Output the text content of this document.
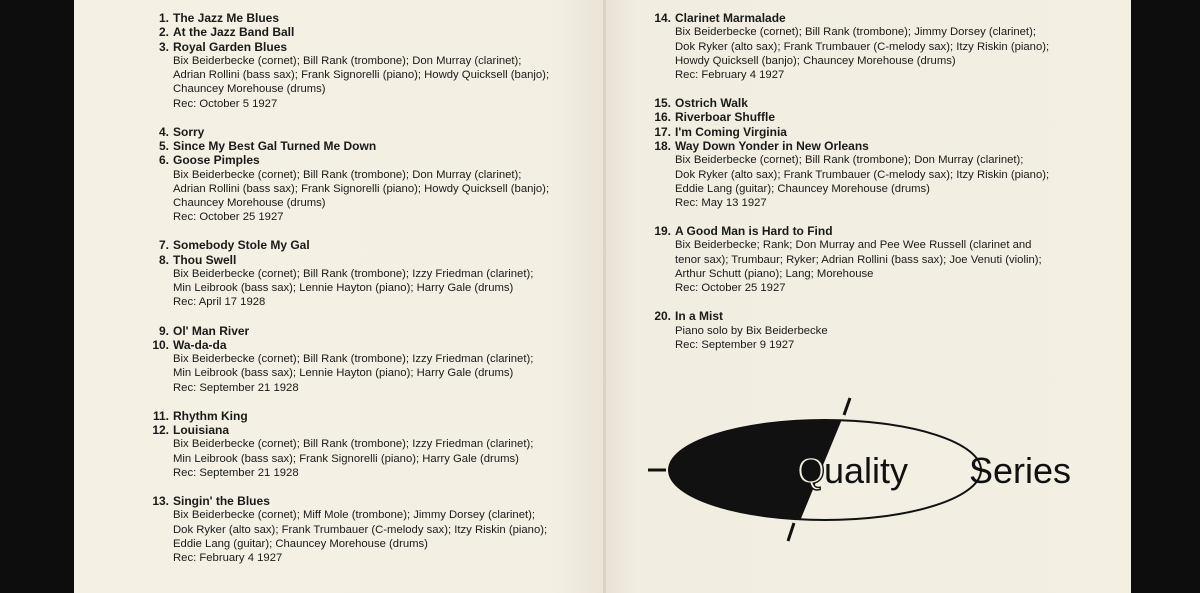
1. The Jazz Me Blues
2. At the Jazz Band Ball
3. Royal Garden Blues
Bix Beiderbecke (cornet); Bill Rank (trombone); Don Murray (clarinet);
Adrian Rollini (bass sax); Frank Signorelli (piano); Howdy Quicksell (banjo);
Chauncey Morehouse (drums)
Rec: October 5 1927
4. Sorry
5. Since My Best Gal Turned Me Down
6. Goose Pimples
Bix Beiderbecke (cornet); Bill Rank (trombone); Don Murray (clarinet);
Adrian Rollini (bass sax); Frank Signorelli (piano); Howdy Quicksell (banjo);
Chauncey Morehouse (drums)
Rec: October 25 1927
7. Somebody Stole My Gal
8. Thou Swell
Bix Beiderbecke (cornet); Bill Rank (trombone); Izzy Friedman (clarinet);
Min Leibrook (bass sax); Lennie Hayton (piano); Harry Gale (drums)
Rec: April 17 1928
9. Ol' Man River
10. Wa-da-da
Bix Beiderbecke (cornet); Bill Rank (trombone); Izzy Friedman (clarinet);
Min Leibrook (bass sax); Lennie Hayton (piano); Harry Gale (drums)
Rec: September 21 1928
11. Rhythm King
12. Louisiana
Bix Beiderbecke (cornet); Bill Rank (trombone); Izzy Friedman (clarinet);
Min Leibrook (bass sax); Frank Signorelli (piano); Harry Gale (drums)
Rec: September 21 1928
13. Singin' the Blues
Bix Beiderbecke (cornet); Miff Mole (trombone); Jimmy Dorsey (clarinet);
Dok Ryker (alto sax); Frank Trumbauer (C-melody sax); Itzy Riskin (piano);
Eddie Lang (guitar); Chauncey Morehouse (drums)
Rec: February 4 1927
14. Clarinet Marmalade
Bix Beiderbecke (cornet); Bill Rank (trombone); Jimmy Dorsey (clarinet);
Dok Ryker (alto sax); Frank Trumbauer (C-melody sax); Itzy Riskin (piano);
Howdy Quicksell (banjo); Chauncey Morehouse (drums)
Rec: February 4 1927
15. Ostrich Walk
16. Riverboar Shuffle
17. I'm Coming Virginia
18. Way Down Yonder in New Orleans
Bix Beiderbecke (cornet); Bill Rank (trombone); Don Murray (clarinet);
Dok Ryker (alto sax); Frank Trumbauer (C-melody sax); Itzy Riskin (piano);
Eddie Lang (guitar); Chauncey Morehouse (drums)
Rec: May 13 1927
19. A Good Man is Hard to Find
Bix Beiderbecke; Rank; Don Murray and Pee Wee Russell (clarinet and
tenor sax); Trumbaur; Ryker; Adrian Rollini (bass sax); Joe Venuti (violin);
Arthur Schutt (piano); Lang; Morehouse
Rec: October 25 1927
20. In a Mist
Piano solo by Bix Beiderbecke
Rec: September 9 1927
Q
uality Series
